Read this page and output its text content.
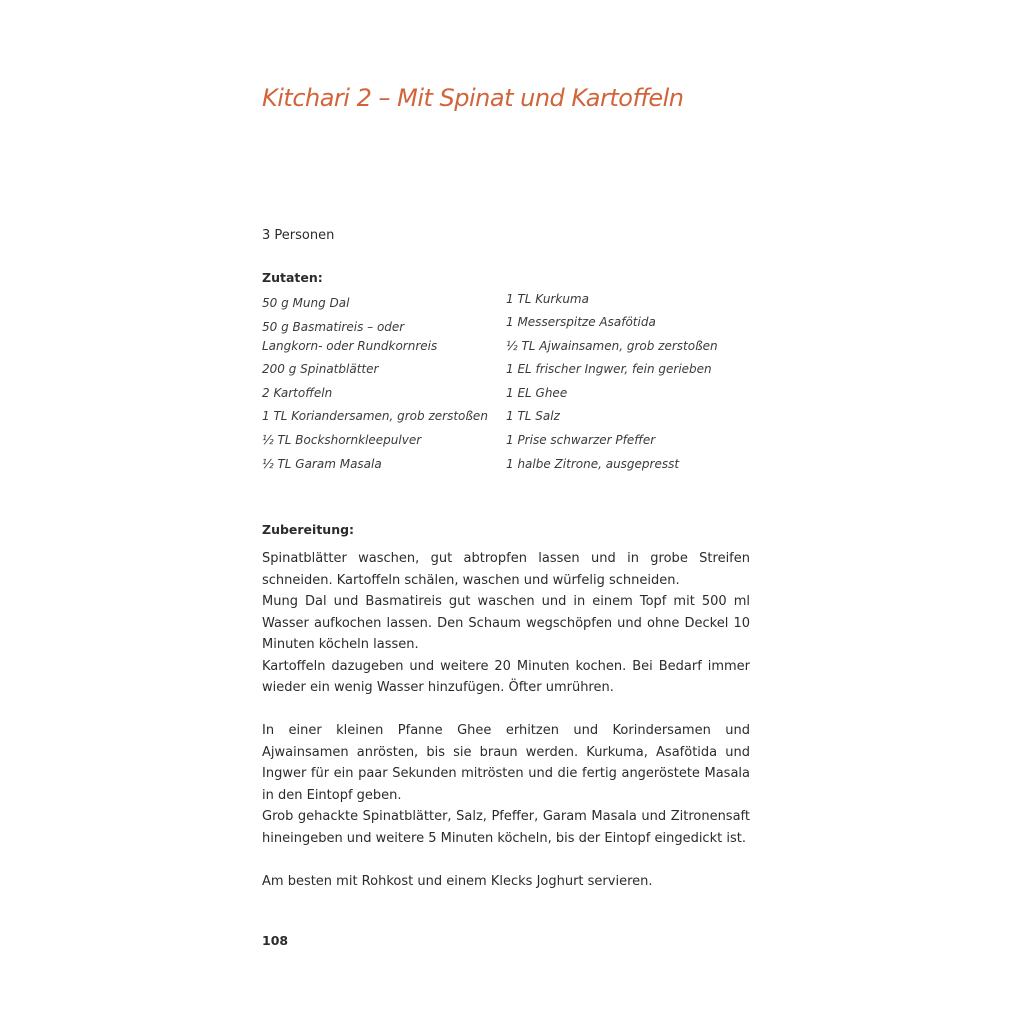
Kitchari 2 – Mit Spinat und Kartoffeln
3 Personen
Zutaten:
50 g Mung Dal
50 g Basmatireis – oder
Langkorn- oder Rundkornreis
200 g Spinatblätter
2 Kartoffeln
1 TL Koriandersamen, grob zerstoßen
½ TL Bockshornkleepulver
½ TL Garam Masala
1 TL Kurkuma
1 Messerspitze Asafötida
½ TL Ajwainsamen, grob zerstoßen
1 EL frischer Ingwer, fein gerieben
1 EL Ghee
1 TL Salz
1 Prise schwarzer Pfeffer
1 halbe Zitrone, ausgepresst
Zubereitung:

Spinatblätter waschen, gut abtropfen lassen und in grobe Streifen schneiden. Kartoffeln schälen, waschen und würfelig schneiden.

Mung Dal und Basmatireis gut waschen und in einem Topf mit 500 ml Wasser aufkochen lassen. Den Schaum wegschöpfen und ohne Deckel 10 Minuten köcheln lassen.

Kartoffeln dazugeben und weitere 20 Minuten kochen. Bei Bedarf immer wieder ein wenig Wasser hinzufügen. Öfter umrühren.

In einer kleinen Pfanne Ghee erhitzen und Korindersamen und Ajwainsamen anrösten, bis sie braun werden. Kurkuma, Asafötida und Ingwer für ein paar Sekunden mitrösten und die fertig angeröstete Masala in den Eintopf geben.

Grob gehackte Spinatblätter, Salz, Pfeffer, Garam Masala und Zitronensaft hineingeben und weitere 5 Minuten köcheln, bis der Eintopf eingedickt ist.

Am besten mit Rohkost und einem Klecks Joghurt servieren.

108
